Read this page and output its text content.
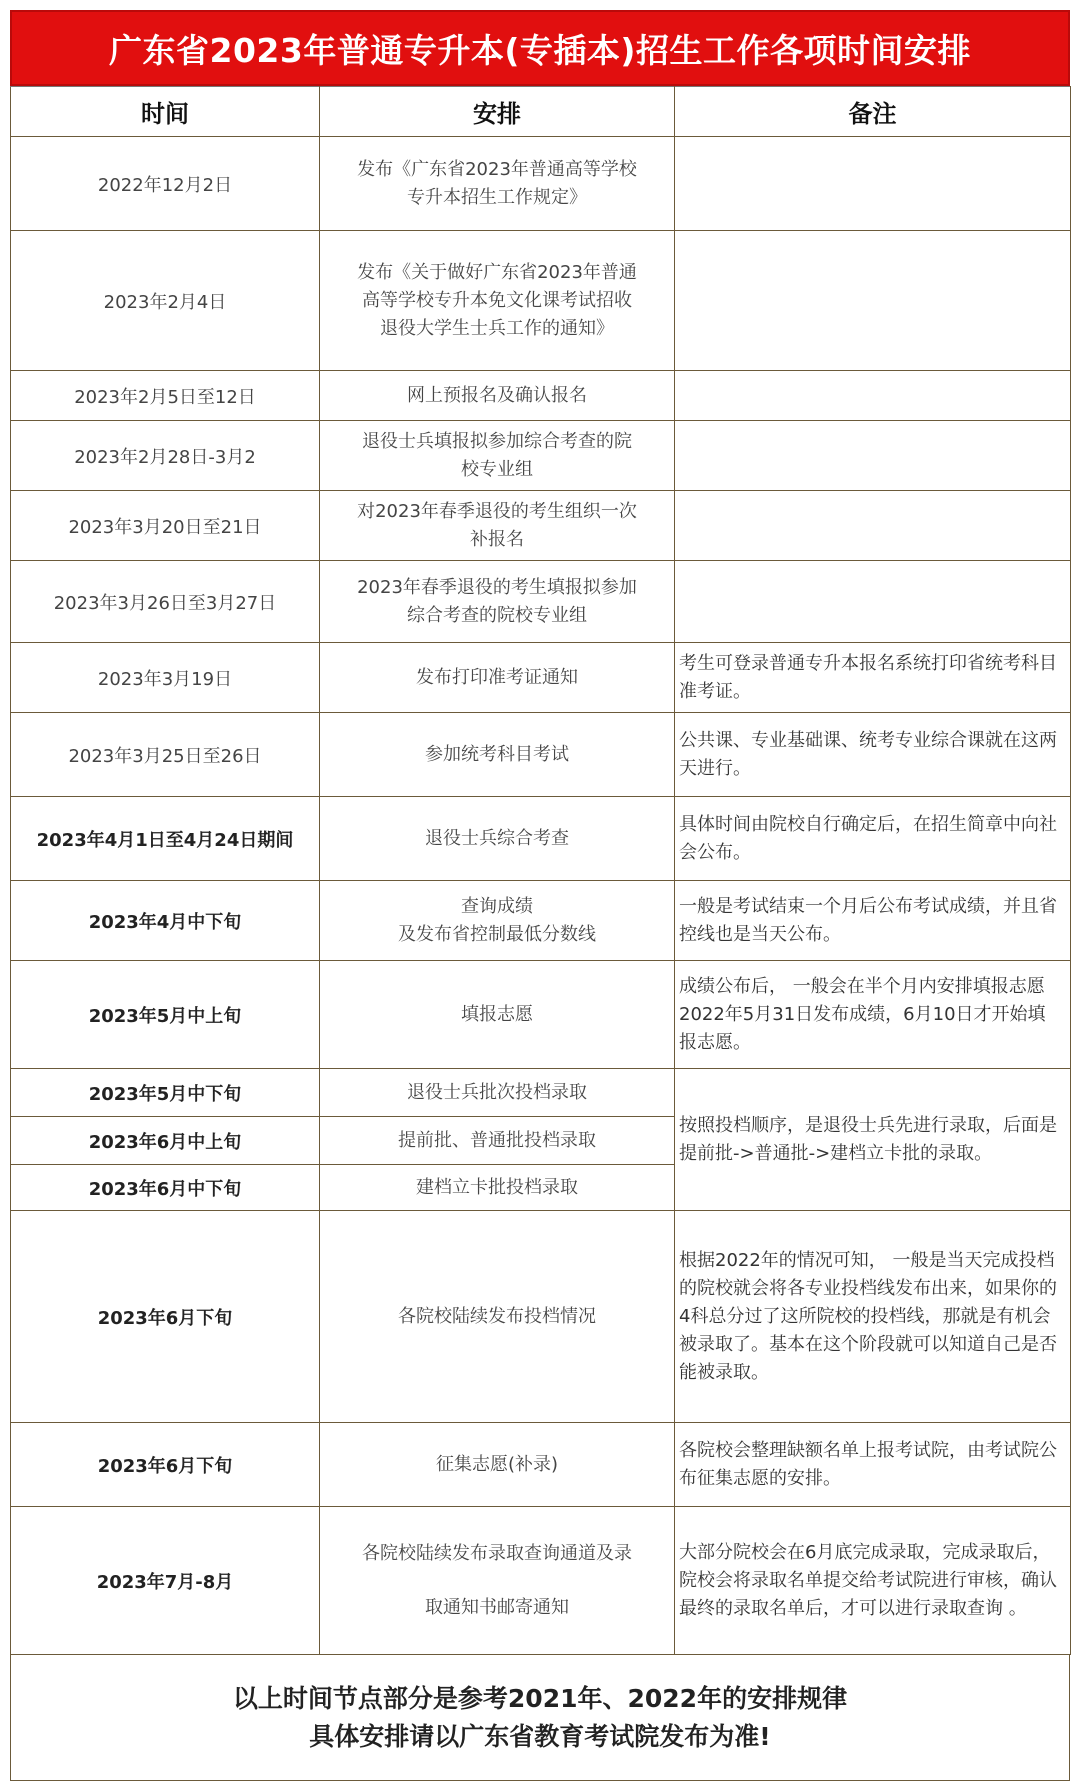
广东省2023年普通专升本(专插本)招生工作各项时间安排
时间	安排	备注
2022年12月2日	发布《广东省2023年普通高等学校
专升本招生工作规定》	

2023年2月4日	发布《关于做好广东省2023年普通
高等学校专升本免文化课考试招收
退役大学生士兵工作的通知》	

2023年2月5日至12日	网上预报名及确认报名	

2023年2月28日-3月2	退役士兵填报拟参加综合考查的院
校专业组	

2023年3月20日至21日	对2023年春季退役的考生组织一次
补报名	

2023年3月26日至3月27日	2023年春季退役的考生填报拟参加
综合考查的院校专业组	

2023年3月19日	发布打印准考证通知	考生可登录普通专升本报名系统打印省统考科目准考证。
2023年3月25日至26日	参加统考科目考试	公共课、专业基础课、统考专业综合课就在这两天进行。
2023年4月1日至4月24日期间	退役士兵综合考查	具体时间由院校自行确定后，在招生简章中向社会公布。
2023年4月中下旬	查询成绩
及发布省控制最低分数线	一般是考试结束一个月后公布考试成绩，并且省控线也是当天公布。
2023年5月中上旬	填报志愿	成绩公布后， 一般会在半个月内安排填报志愿2022年5月31日发布成绩，6月10日才开始填报志愿。
2023年5月中下旬	退役士兵批次投档录取	按照投档顺序，是退役士兵先进行录取，后面是提前批->普通批->建档立卡批的录取。
2023年6月中上旬	提前批、普通批投档录取	

2023年6月中下旬	建档立卡批投档录取	

2023年6月下旬	各院校陆续发布投档情况	根据2022年的情况可知， 一般是当天完成投档的院校就会将各专业投档线发布出来，如果你的4科总分过了这所院校的投档线，那就是有机会被录取了。基本在这个阶段就可以知道自己是否能被录取。
2023年6月下旬	征集志愿(补录)	各院校会整理缺额名单上报考试院，由考试院公布征集志愿的安排。
2023年7月-8月	各院校陆续发布录取查询通道及录
取通知书邮寄通知	大部分院校会在6月底完成录取，完成录取后，院校会将录取名单提交给考试院进行审核，确认最终的录取名单后，才可以进行录取查询 。
以上时间节点部分是参考2021年、2022年的安排规律
具体安排请以广东省教育考试院发布为准!
